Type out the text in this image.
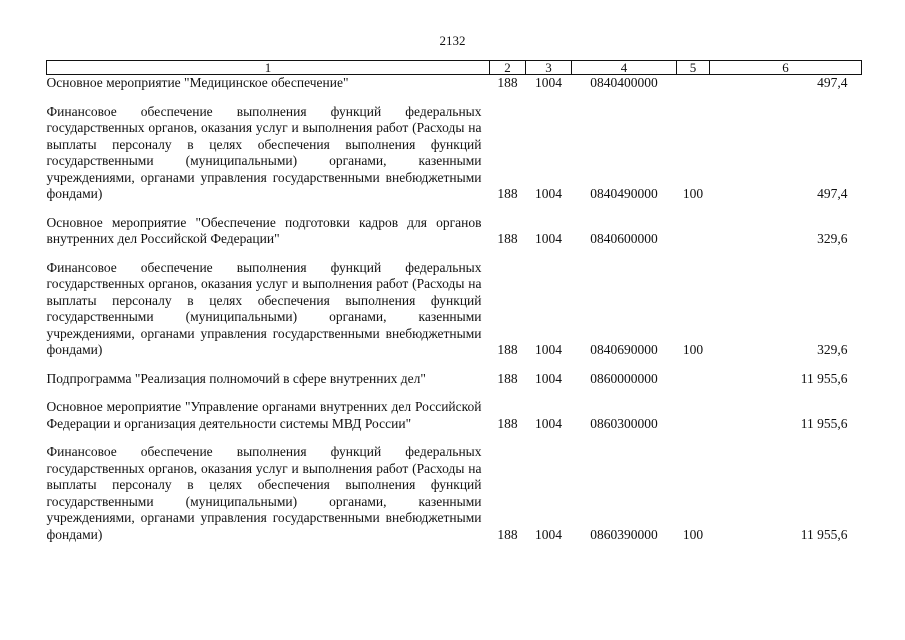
2132
1	2	3	4	5	6
Основное мероприятие "Медицинское обеспечение"	188	1004	0840400000		497,4

Финансовое обеспечение выполнения функций федеральных государственных органов, оказания услуг и выполнения работ (Расходы на выплаты персоналу в целях обеспечения выполнения функций государственными (муниципальными) органами, казенными учреждениями, органами управления государственными внебюджетными фондами)	188	1004	0840490000	100	497,4

Основное мероприятие "Обеспечение подготовки кадров для органов внутренних дел Российской Федерации"	188	1004	0840600000		329,6

Финансовое обеспечение выполнения функций федеральных государственных органов, оказания услуг и выполнения работ (Расходы на выплаты персоналу в целях обеспечения выполнения функций государственными (муниципальными) органами, казенными учреждениями, органами управления государственными внебюджетными фондами)	188	1004	0840690000	100	329,6

Подпрограмма "Реализация полномочий в сфере внутренних дел"	188	1004	0860000000		11 955,6

Основное мероприятие "Управление органами внутренних дел Российской Федерации и организация деятельности системы МВД России"	188	1004	0860300000		11 955,6

Финансовое обеспечение выполнения функций федеральных государственных органов, оказания услуг и выполнения работ (Расходы на выплаты персоналу в целях обеспечения выполнения функций государственными (муниципальными) органами, казенными учреждениями, органами управления государственными внебюджетными фондами)	188	1004	0860390000	100	11 955,6
